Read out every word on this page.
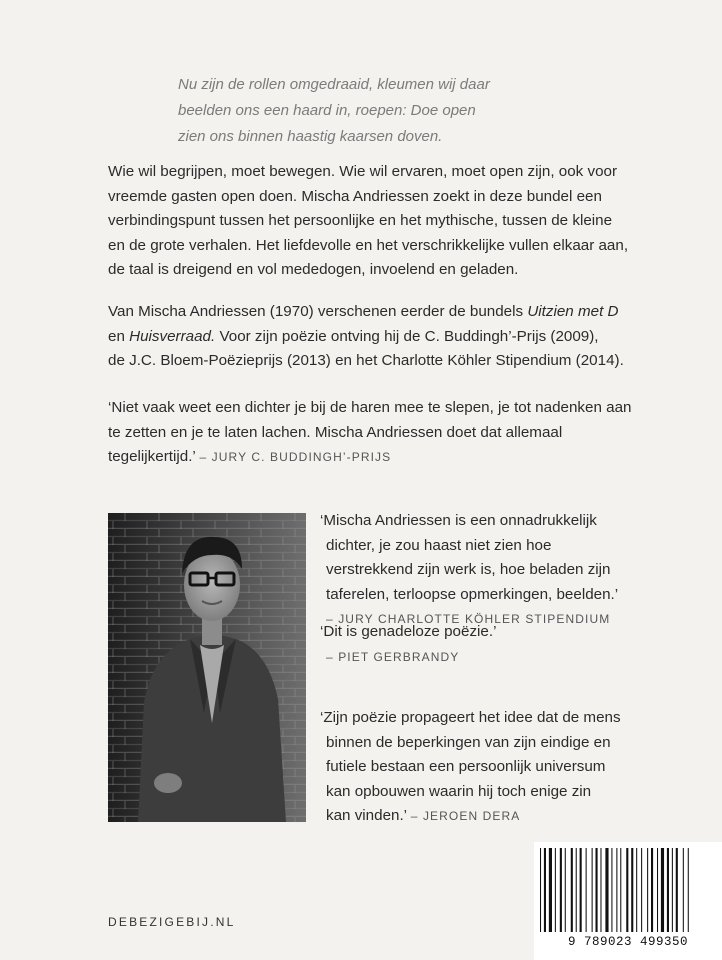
Nu zijn de rollen omgedraaid, kleumen wij daar
beelden ons een haard in, roepen: Doe open
zien ons binnen haastig kaarsen doven.
Wie wil begrijpen, moet bewegen. Wie wil ervaren, moet open zijn, ook voor
vreemde gasten open doen. Mischa Andriessen zoekt in deze bundel een
verbindingspunt tussen het persoonlijke en het mythische, tussen de kleine
en de grote verhalen. Het liefdevolle en het verschrikkelijke vullen elkaar aan,
de taal is dreigend en vol mededogen, invoelend en geladen.
Van Mischa Andriessen (1970) verschenen eerder de bundels Uitzien met D
en Huisverraad. Voor zijn poëzie ontving hij de C. Buddingh’-Prijs (2009),
de J.C. Bloem-Poëzieprijs (2013) en het Charlotte Köhler Stipendium (2014).
‘Niet vaak weet een dichter je bij de haren mee te slepen, je tot nadenken aan
te zetten en je te laten lachen. Mischa Andriessen doet dat allemaal
tegelijkertijd.’ – JURY C. BUDDINGH’-PRIJS
‘Mischa Andriessen is een onnadrukkelijk
dichter, je zou haast niet zien hoe
verstrekkend zijn werk is, hoe beladen zijn
taferelen, terloopse opmerkingen, beelden.’
– JURY CHARLOTTE KÖHLER STIPENDIUM
‘Dit is genadeloze poëzie.’
– PIET GERBRANDY
‘Zijn poëzie propageert het idee dat de mens
binnen de beperkingen van zijn eindige en
futiele bestaan een persoonlijk universum
kan opbouwen waarin hij toch enige zin
kan vinden.’ – JEROEN DERA
DEBEZIGEBIJ.NL
9 789023 499350
